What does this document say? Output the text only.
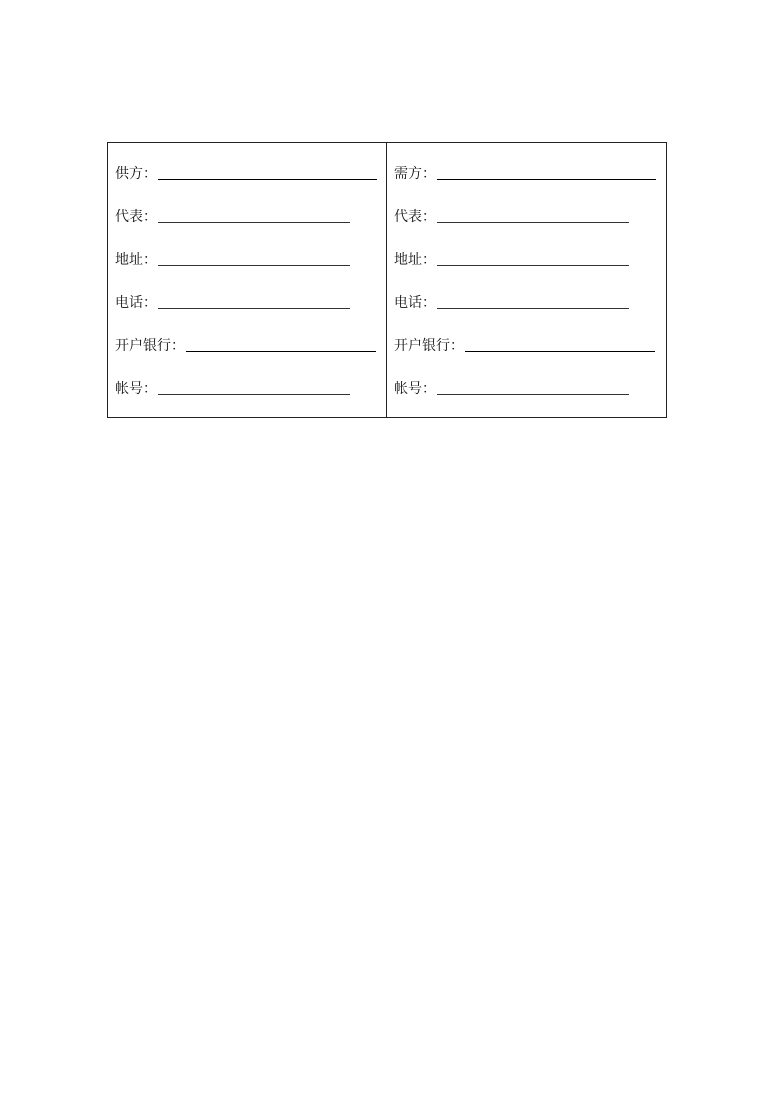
供方：
代表：
地址：
电话：
开户银行：
帐号：
需方：
代表：
地址：
电话：
开户银行：
帐号：
